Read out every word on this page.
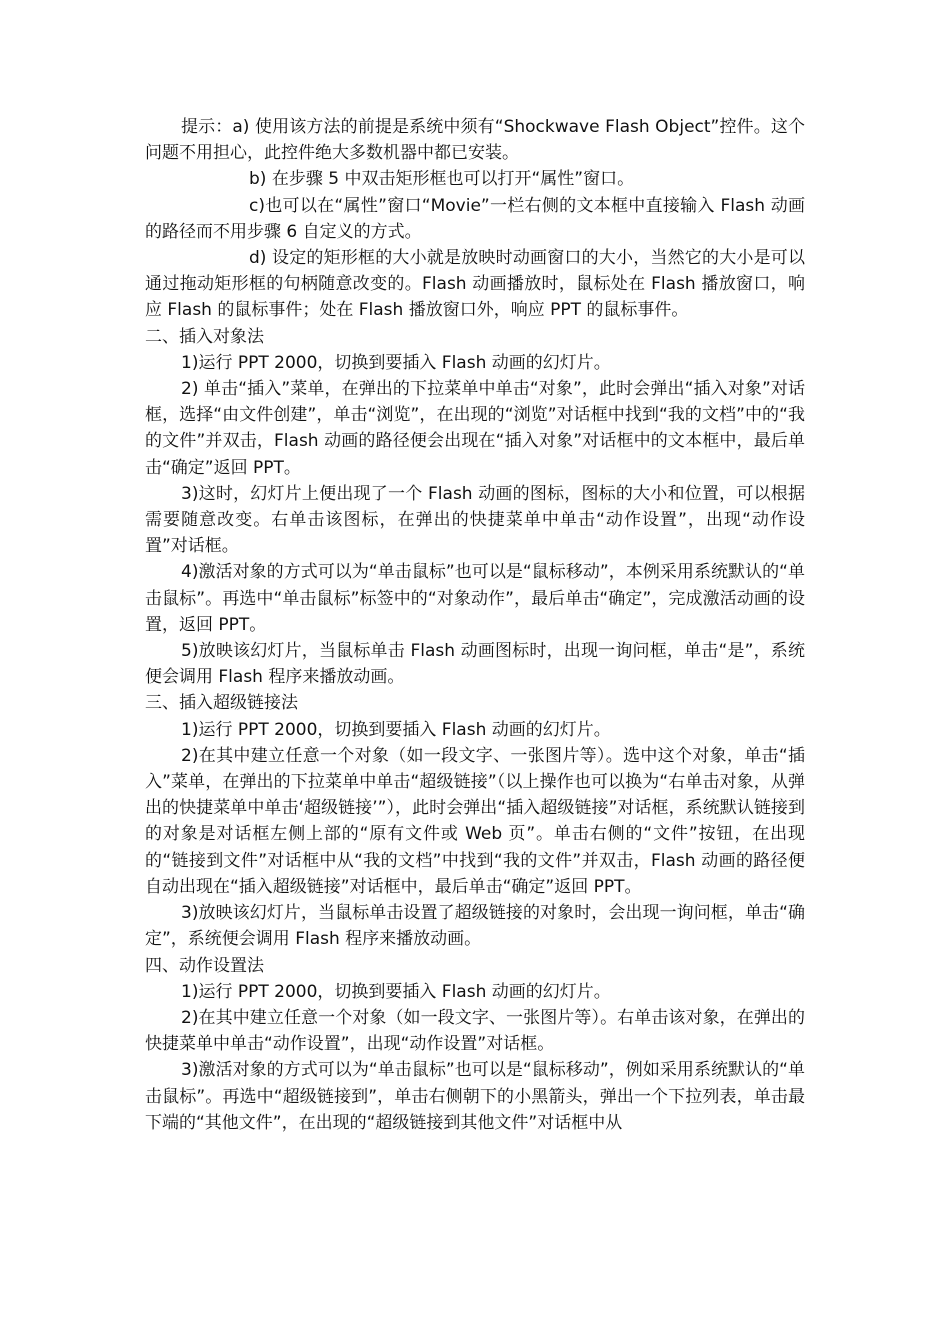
提示：a) 使用该方法的前提是系统中须有“Shockwave Flash Object”控件。这个问题不用担心，此控件绝大多数机器中都已安装。

b) 在步骤 5 中双击矩形框也可以打开“属性”窗口。

c)也可以在“属性”窗口“Movie”一栏右侧的文本框中直接输入 Flash 动画的路径而不用步骤 6 自定义的方式。

d) 设定的矩形框的大小就是放映时动画窗口的大小，当然它的大小是可以通过拖动矩形框的句柄随意改变的。Flash 动画播放时，鼠标处在 Flash 播放窗口，响应 Flash 的鼠标事件；处在 Flash 播放窗口外，响应 PPT 的鼠标事件。

二、插入对象法

1)运行 PPT 2000，切换到要插入 Flash 动画的幻灯片。

2) 单击“插入”菜单，在弹出的下拉菜单中单击“对象”，此时会弹出“插入对象”对话框，选择“由文件创建”，单击“浏览”，在出现的“浏览”对话框中找到“我的文档”中的“我的文件”并双击，Flash 动画的路径便会出现在“插入对象”对话框中的文本框中，最后单击“确定”返回 PPT。

3)这时，幻灯片上便出现了一个 Flash 动画的图标，图标的大小和位置，可以根据需要随意改变。右单击该图标，在弹出的快捷菜单中单击“动作设置”，出现“动作设置”对话框。

4)激活对象的方式可以为“单击鼠标”也可以是“鼠标移动”，本例采用系统默认的“单击鼠标”。再选中“单击鼠标”标签中的“对象动作”，最后单击“确定”，完成激活动画的设置，返回 PPT。

5)放映该幻灯片，当鼠标单击 Flash 动画图标时，出现一询问框，单击“是”，系统便会调用 Flash 程序来播放动画。

三、插入超级链接法

1)运行 PPT 2000，切换到要插入 Flash 动画的幻灯片。

2)在其中建立任意一个对象（如一段文字、一张图片等）。选中这个对象，单击“插入”菜单，在弹出的下拉菜单中单击“超级链接”（以上操作也可以换为“右单击对象，从弹出的快捷菜单中单击‘超级链接’”），此时会弹出“插入超级链接”对话框，系统默认链接到的对象是对话框左侧上部的“原有文件或 Web 页”。单击右侧的“文件”按钮，在出现的“链接到文件”对话框中从“我的文档”中找到“我的文件”并双击，Flash 动画的路径便自动出现在“插入超级链接”对话框中，最后单击“确定”返回 PPT。

3)放映该幻灯片，当鼠标单击设置了超级链接的对象时，会出现一询问框，单击“确定”，系统便会调用 Flash 程序来播放动画。

四、动作设置法

1)运行 PPT 2000，切换到要插入 Flash 动画的幻灯片。

2)在其中建立任意一个对象（如一段文字、一张图片等）。右单击该对象，在弹出的快捷菜单中单击“动作设置”，出现“动作设置”对话框。

3)激活对象的方式可以为“单击鼠标”也可以是“鼠标移动”，例如采用系统默认的“单击鼠标”。再选中“超级链接到”，单击右侧朝下的小黑箭头，弹出一个下拉列表，单击最下端的“其他文件”，在出现的“超级链接到其他文件”对话框中从
